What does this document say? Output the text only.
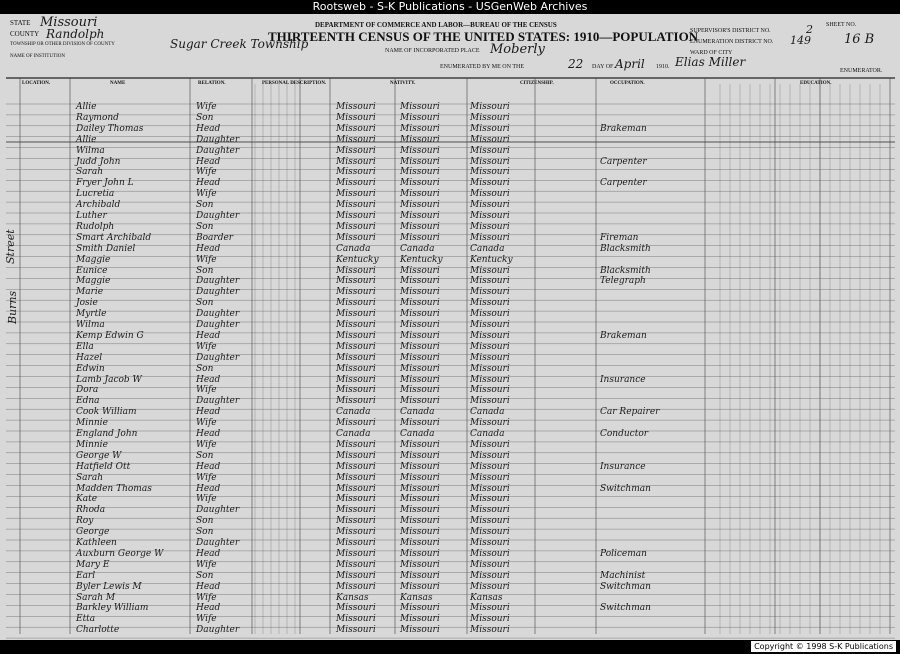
Rootsweb - S-K Publications - USGenWeb Archives
STATE
COUNTY
TOWNSHIP OR OTHER DIVISION OF COUNTY
NAME OF INSTITUTION
Missouri
Randolph
Sugar Creek Township
DEPARTMENT OF COMMERCE AND LABOR—BUREAU OF THE CENSUS
THIRTEENTH CENSUS OF THE UNITED STATES: 1910—POPULATION
NAME OF INCORPORATED PLACE Moberly
ENUMERATED BY ME ON THE	22 DAY OF April 1910. Elias Miller
ENUMERATOR.
SUPERVISOR'S DISTRICT NO.	2
ENUMERATION DISTRICT NO. 149
WARD OF CITY
SHEET NO.
16 B
Burns
Street
LOCATION.	NAME	RELATION.	PERSONAL DESCRIPTION.	NATIVITY.	CITIZENSHIP.	OCCUPATION.	EDUCATION.
Allie	Wife	Missouri	Missouri	Missouri
Raymond	Son	Missouri	Missouri	Missouri
Dailey Thomas	Head	Missouri	Missouri	Missouri	Brakeman
Allie	Daughter	Missouri	Missouri	Missouri
Wilma	Daughter	Missouri	Missouri	Missouri
Judd John	Head	Missouri	Missouri	Missouri	Carpenter
Sarah	Wife	Missouri	Missouri	Missouri
Fryer John L	Head	Missouri	Missouri	Missouri	Carpenter
Lucretia	Wife	Missouri	Missouri	Missouri
Archibald	Son	Missouri	Missouri	Missouri
Luther	Daughter	Missouri	Missouri	Missouri
Rudolph	Son	Missouri	Missouri	Missouri
Smart Archibald	Boarder	Missouri	Missouri	Missouri	Fireman
Smith Daniel	Head	Canada	Canada	Canada	Blacksmith
Maggie	Wife	Kentucky Kentucky	Kentucky
Eunice	Son	Missouri	Missouri	Missouri	Blacksmith
Maggie	Daughter	Missouri	Missouri	Missouri	Telegraph
Marie	Daughter	Missouri	Missouri	Missouri
Josie	Son	Missouri	Missouri	Missouri
Myrtle	Daughter	Missouri	Missouri	Missouri
Wilma	Daughter	Missouri	Missouri	Missouri
Kemp Edwin G	Head	Missouri	Missouri	Missouri	Brakeman
Ella	Wife	Missouri	Missouri	Missouri
Hazel	Daughter	Missouri	Missouri	Missouri
Edwin	Son	Missouri	Missouri	Missouri
Lamb Jacob W	Head	Missouri	Missouri	Missouri	Insurance
Dora	Wife	Missouri	Missouri	Missouri
Edna	Daughter	Missouri	Missouri	Missouri
Cook William	Head	Canada	Canada	Canada	Car Repairer
Minnie	Wife	Missouri	Missouri	Missouri
England John	Head	Canada	Canada	Canada	Conductor
Minnie	Wife	Missouri	Missouri	Missouri
George W	Son	Missouri	Missouri	Missouri
Hatfield Ott	Head	Missouri	Missouri	Missouri	Insurance
Sarah	Wife	Missouri	Missouri	Missouri
Madden Thomas	Head	Missouri	Missouri	Missouri	Switchman
Kate	Wife	Missouri	Missouri	Missouri
Rhoda	Daughter	Missouri	Missouri	Missouri
Roy	Son	Missouri	Missouri	Missouri
George	Son	Missouri	Missouri	Missouri
Kathleen	Daughter	Missouri	Missouri	Missouri
Auxburn George W	Head	Missouri	Missouri	Missouri	Policeman
Mary E	Wife	Missouri	Missouri	Missouri
Earl	Son	Missouri	Missouri	Missouri	Machinist
Byler Lewis M	Head	Missouri	Missouri	Missouri	Switchman
Sarah M	Wife	Kansas	Kansas	Kansas
Barkley William	Head	Missouri	Missouri	Missouri	Switchman
Etta	Wife	Missouri	Missouri	Missouri
Charlotte	Daughter	Missouri	Missouri	Missouri
Copyright © 1998 S-K Publications
